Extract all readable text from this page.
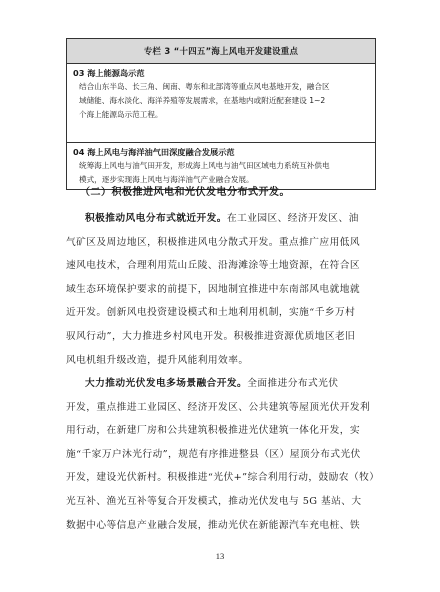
专栏 3 “十四五”海上风电开发建设重点
03 海上能源岛示范
结合山东半岛、长三角、闽南、粤东和北部湾等重点风电基地开发，融合区
域储能、海水淡化、海洋养殖等发展需求，在基地内或附近配套建设 1~2
个海上能源岛示范工程。
04 海上风电与海洋油气田深度融合发展示范
统筹海上风电与油气田开发，形成海上风电与油气田区域电力系统互补供电
模式，逐步实现海上风电与海洋油气产业融合发展。
（二）积极推进风电和光伏发电分布式开发。
积极推动风电分布式就近开发。在工业园区、经济开发区、油
气矿区及周边地区，积极推进风电分散式开发。重点推广应用低风
速风电技术，合理利用荒山丘陵、沿海滩涂等土地资源，在符合区
域生态环境保护要求的前提下，因地制宜推进中东南部风电就地就
近开发。创新风电投资建设模式和土地利用机制，实施“千乡万村
驭风行动”，大力推进乡村风电开发。积极推进资源优质地区老旧
风电机组升级改造，提升风能利用效率。
大力推动光伏发电多场景融合开发。全面推进分布式光伏
开发，重点推进工业园区、经济开发区、公共建筑等屋顶光伏开发利
用行动，在新建厂房和公共建筑积极推进光伏建筑一体化开发，实
施“千家万户沐光行动”，规范有序推进整县（区）屋顶分布式光伏
开发，建设光伏新村。积极推进“光伏+”综合利用行动，鼓励农（牧）
光互补、渔光互补等复合开发模式，推动光伏发电与 5G 基站、大
数据中心等信息产业融合发展，推动光伏在新能源汽车充电桩、铁
13
